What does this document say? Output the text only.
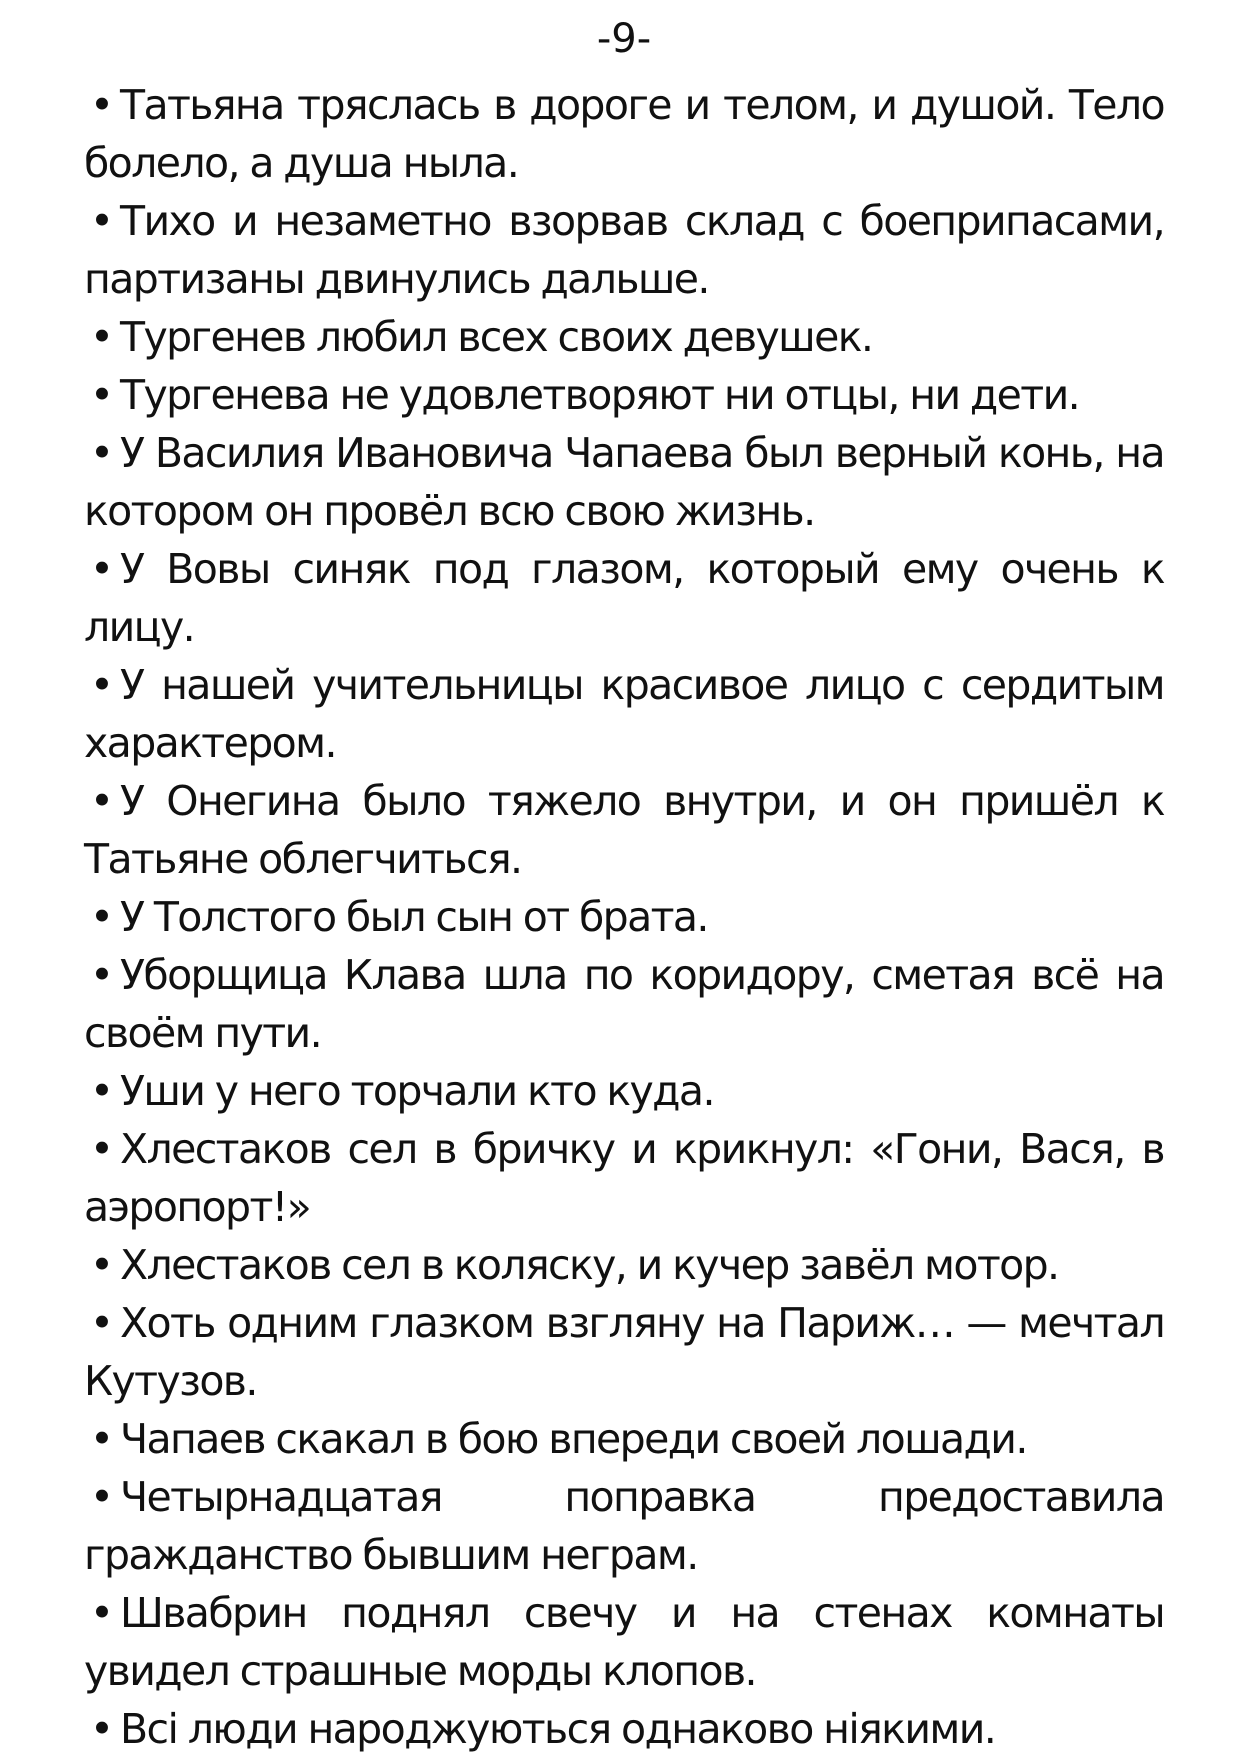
-9-
• Татьяна тряслась в дороге и телом, и душой. Тело болело, а душа ныла.
• Тихо и незаметно взорвав склад с боеприпасами, партизаны двинулись дальше.
• Тургенев любил всех своих девушек.
• Тургенева не удовлетворяют ни отцы, ни дети.
• У Василия Ивановича Чапаева был верный конь, на котором он провёл всю свою жизнь.
• У Вовы синяк под глазом, который ему очень к лицу.
• У нашей учительницы красивое лицо с сердитым характером.
• У Онегина было тяжело внутри, и он пришёл к Татьяне облегчиться.
• У Толстого был сын от брата.
• Уборщица Клава шла по коридору, сметая всё на своём пути.
• Уши у него торчали кто куда.
• Хлестаков сел в бричку и крикнул: «Гони, Вася, в аэропорт!»
• Хлестаков сел в коляску, и кучер завёл мотор.
• Хоть одним глазком взгляну на Париж… — мечтал Кутузов.
• Чапаев скакал в бою впереди своей лошади.
• Четырнадцатая поправка предоставила гражданство бывшим неграм.
• Швабрин поднял свечу и на стенах комнаты увидел страшные морды клопов.
• Всі люди народжуються однаково ніякими.
